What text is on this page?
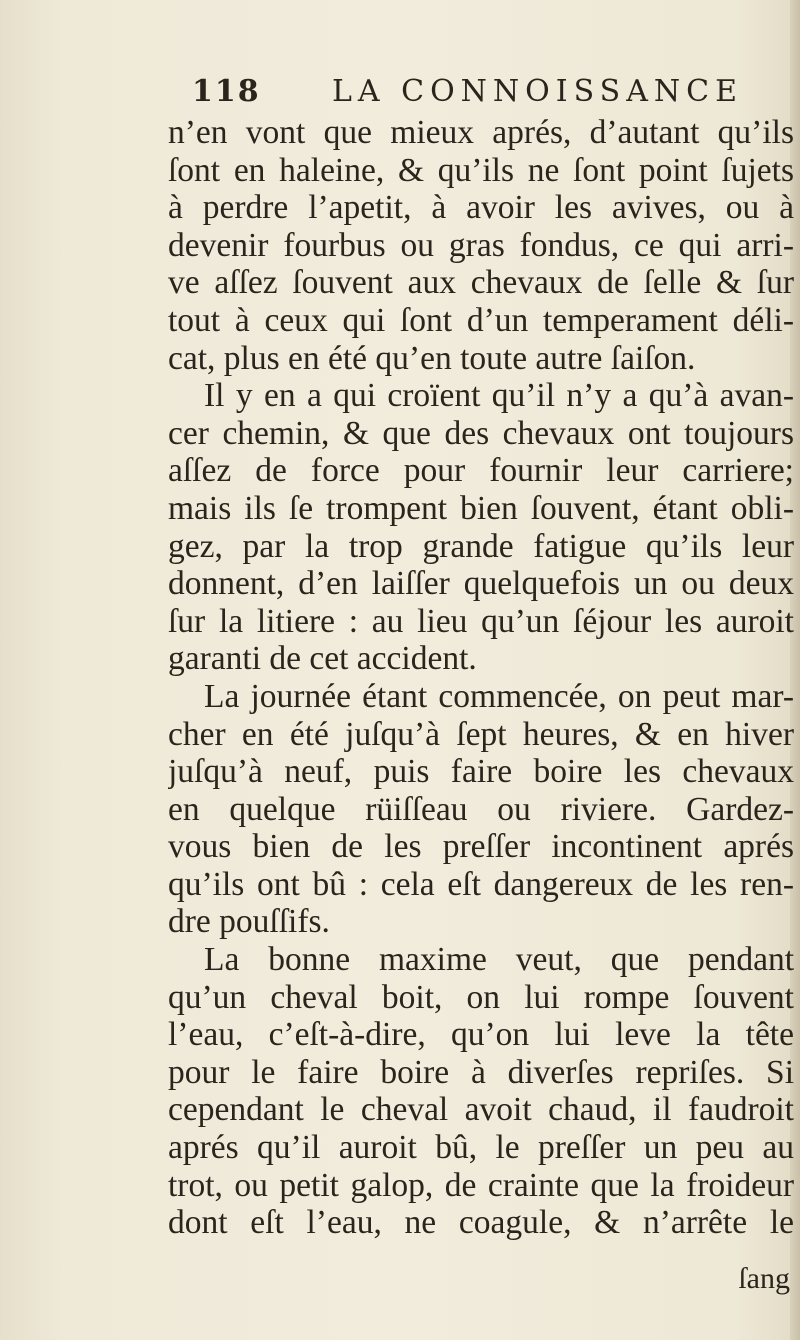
118 LA CONNOISSANCE
n’en vont que mieux aprés, d’autant qu’ils
ſont en haleine, & qu’ils ne ſont point ſujets
à perdre l’apetit, à avoir les avives, ou à
devenir fourbus ou gras fondus, ce qui arri-
ve aſſez ſouvent aux chevaux de ſelle & ſur
tout à ceux qui ſont d’un temperament déli-
cat, plus en été qu’en toute autre ſaiſon.
Il y en a qui croïent qu’il n’y a qu’à avan-
cer chemin, & que des chevaux ont toujours
aſſez de force pour fournir leur carriere;
mais ils ſe trompent bien ſouvent, étant obli-
gez, par la trop grande fatigue qu’ils leur
donnent, d’en laiſſer quelquefois un ou deux
ſur la litiere : au lieu qu’un ſéjour les auroit
garanti de cet accident.
La journée étant commencée, on peut mar-
cher en été juſqu’à ſept heures, & en hiver
juſqu’à neuf, puis faire boire les chevaux
en quelque rüiſſeau ou riviere. Gardez-
vous bien de les preſſer incontinent aprés
qu’ils ont bû : cela eſt dangereux de les ren-
dre pouſſifs.
La bonne maxime veut, que pendant
qu’un cheval boit, on lui rompe ſouvent
l’eau, c’eſt-à-dire, qu’on lui leve la tête
pour le faire boire à diverſes repriſes. Si
cependant le cheval avoit chaud, il faudroit
aprés qu’il auroit bû, le preſſer un peu au
trot, ou petit galop, de crainte que la froideur
dont eſt l’eau, ne coagule, & n’arrête le
ſang
